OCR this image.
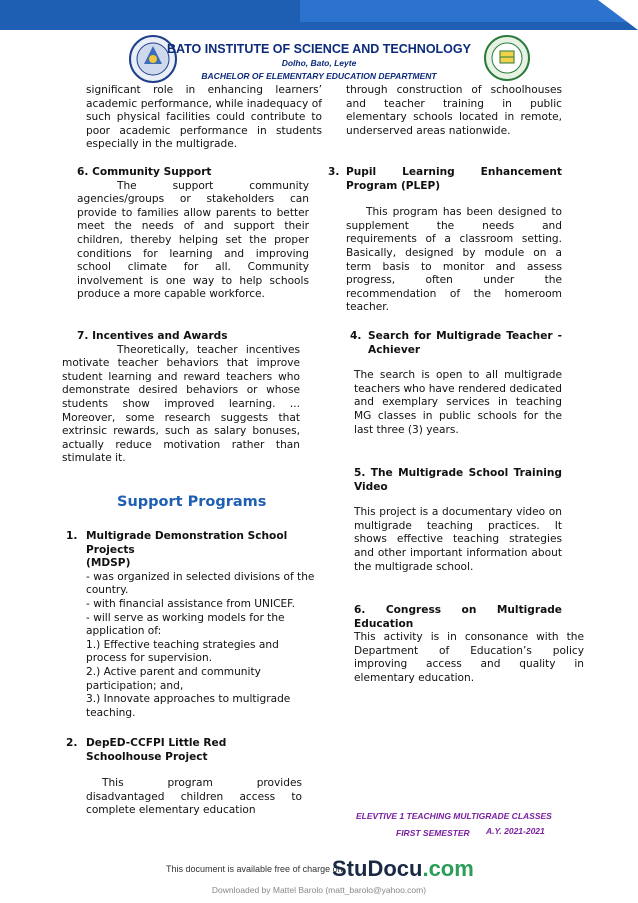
BATO INSTITUTE OF SCIENCE AND TECHNOLOGY
Dolho, Bato, Leyte
BACHELOR OF ELEMENTARY EDUCATION DEPARTMENT
significant role in enhancing learners’ academic performance, while inadequacy of such physical facilities could contribute to poor academic performance in students especially in the multigrade.
6. Community Support

The support community agencies/groups or stakeholders can provide to families allow parents to better meet the needs of and support their children, thereby helping set the proper conditions for learning and improving school climate for all. Community involvement is one way to help schools produce a more capable workforce.

7. Incentives and Awards

Theoretically, teacher incentives motivate teacher behaviors that improve student learning and reward teachers who demonstrate desired behaviors or whose students show improved learning. ... Moreover, some research suggests that extrinsic rewards, such as salary bonuses, actually reduce motivation rather than stimulate it.

Support Programs
1. Multigrade Demonstration School Projects
(MDSP)
- was organized in selected divisions of the country.
- with financial assistance from UNICEF.
- will serve as working models for the application of:
1.) Effective teaching strategies and process for supervision.
2.) Active parent and community participation; and,
3.) Innovate approaches to multigrade teaching.
2. DepED-CCFPI Little Red Schoolhouse Project

This program provides disadvantaged children access to complete elementary education

through construction of schoolhouses and teacher training in public elementary schools located in remote, underserved areas nationwide.
3. Pupil Learning Enhancement Program (PLEP)

This program has been designed to supplement the needs and requirements of a classroom setting. Basically, designed by module on a term basis to monitor and assess progress, often under the recommendation of the homeroom teacher.

4. Search for Multigrade Teacher -Achiever

The search is open to all multigrade teachers who have rendered dedicated and exemplary services in teaching MG classes in public schools for the last three (3) years.

5. The Multigrade School Training Video

This project is a documentary video on multigrade teaching practices. It shows effective teaching strategies and other important information about the multigrade school.

6. Congress on Multigrade Education

This activity is in consonance with the Department of Education’s policy improving access and quality in elementary education.

ELEVTIVE 1 TEACHING MULTIGRADE CLASSES
FIRST SEMESTER	A.Y. 2021-2021
This document is available free of charge on
StuDocu.com
Downloaded by Mattel Barolo (matt_barolo@yahoo.com)
